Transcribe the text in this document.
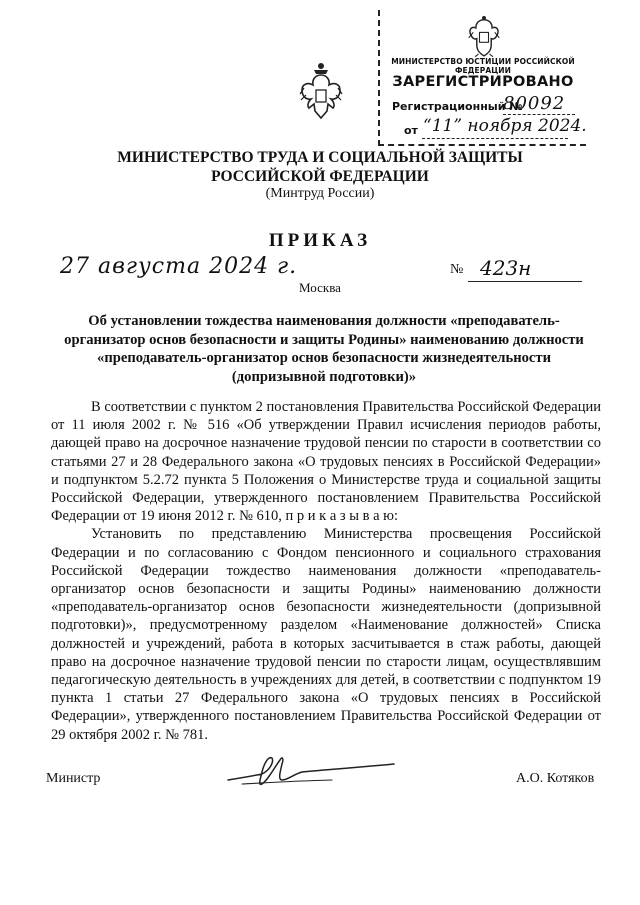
МИНИСТЕРСТВО ЮСТИЦИИ РОССИЙСКОЙ ФЕДЕРАЦИИ
ЗАРЕГИСТРИРОВАНО
Регистрационный №
80092
от “11” ноября 2024.
МИНИСТЕРСТВО ТРУДА И СОЦИАЛЬНОЙ ЗАЩИТЫ
РОССИЙСКОЙ ФЕДЕРАЦИИ
(Минтруд России)
ПРИКАЗ
27 августа 2024 г.
Москва
№ 423н
Об установлении тождества наименования должности «преподаватель-организатор основ безопасности и защиты Родины» наименованию должности «преподаватель-организатор основ безопасности жизнедеятельности (допризывной подготовки)»

В соответствии с пунктом 2 постановления Правительства Российской Федерации от 11 июля 2002 г. № 516 «Об утверждении Правил исчисления периодов работы, дающей право на досрочное назначение трудовой пенсии по старости в соответствии со статьями 27 и 28 Федерального закона «О трудовых пенсиях в Российской Федерации» и подпунктом 5.2.72 пункта 5 Положения о Министерстве труда и социальной защиты Российской Федерации, утвержденного постановлением Правительства Российской Федерации от 19 июня 2012 г. № 610, п р и к а з ы в а ю:

Установить по представлению Министерства просвещения Российской Федерации и по согласованию с Фондом пенсионного и социального страхования Российской Федерации тождество наименования должности «преподаватель-организатор основ безопасности и защиты Родины» наименованию должности «преподаватель-организатор основ безопасности жизнедеятельности (допризывной подготовки)», предусмотренному разделом «Наименование должностей» Списка должностей и учреждений, работа в которых засчитывается в стаж работы, дающей право на досрочное назначение трудовой пенсии по старости лицам, осуществлявшим педагогическую деятельность в учреждениях для детей, в соответствии с подпунктом 19 пункта 1 статьи 27 Федерального закона «О трудовых пенсиях в Российской Федерации», утвержденного постановлением Правительства Российской Федерации от 29 октября 2002 г. № 781.

Министр	А.О. Котяков
